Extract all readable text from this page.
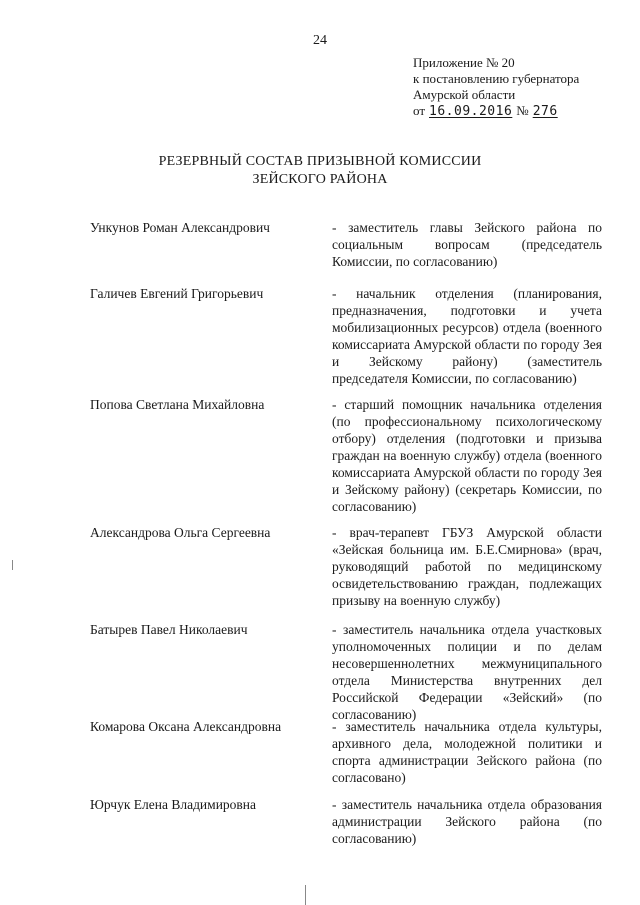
24
Приложение № 20
к постановлению губернатора
Амурской области
от 16.09.2016 № 276
РЕЗЕРВНЫЙ СОСТАВ ПРИЗЫВНОЙ КОМИССИИ
ЗЕЙСКОГО РАЙОНА
Ункунов Роман Александрович	- заместитель главы Зейского района по социальным вопросам (председатель Комиссии, по согласованию)
Галичев Евгений Григорьевич	- начальник отделения (планирования, предназначения, подготовки и учета мобилизационных ресурсов) отдела (военного комиссариата Амурской области по городу Зея и Зейскому району) (заместитель председателя Комиссии, по согласованию)
Попова Светлана Михайловна	- старший помощник начальника отделения (по профессиональному психологическому отбору) отделения (подготовки и призыва граждан на военную службу) отдела (военного комиссариата Амурской области по городу Зея и Зейскому району) (секретарь Комиссии, по согласованию)
Александрова Ольга Сергеевна	- врач-терапевт ГБУЗ Амурской области «Зейская больница им. Б.Е.Смирнова» (врач, руководящий работой по медицинскому освидетельствованию граждан, подлежащих призыву на военную службу)
Батырев Павел Николаевич	- заместитель начальника отдела участковых уполномоченных полиции и по делам несовершеннолетних межмуниципального отдела Министерства внутренних дел Российской Федерации «Зейский» (по согласованию)
Комарова Оксана Александровна	- заместитель начальника отдела культуры, архивного дела, молодежной политики и спорта администрации Зейского района (по согласовано)
Юрчук Елена Владимировна	- заместитель начальника отдела образования администрации Зейского района (по согласованию)
